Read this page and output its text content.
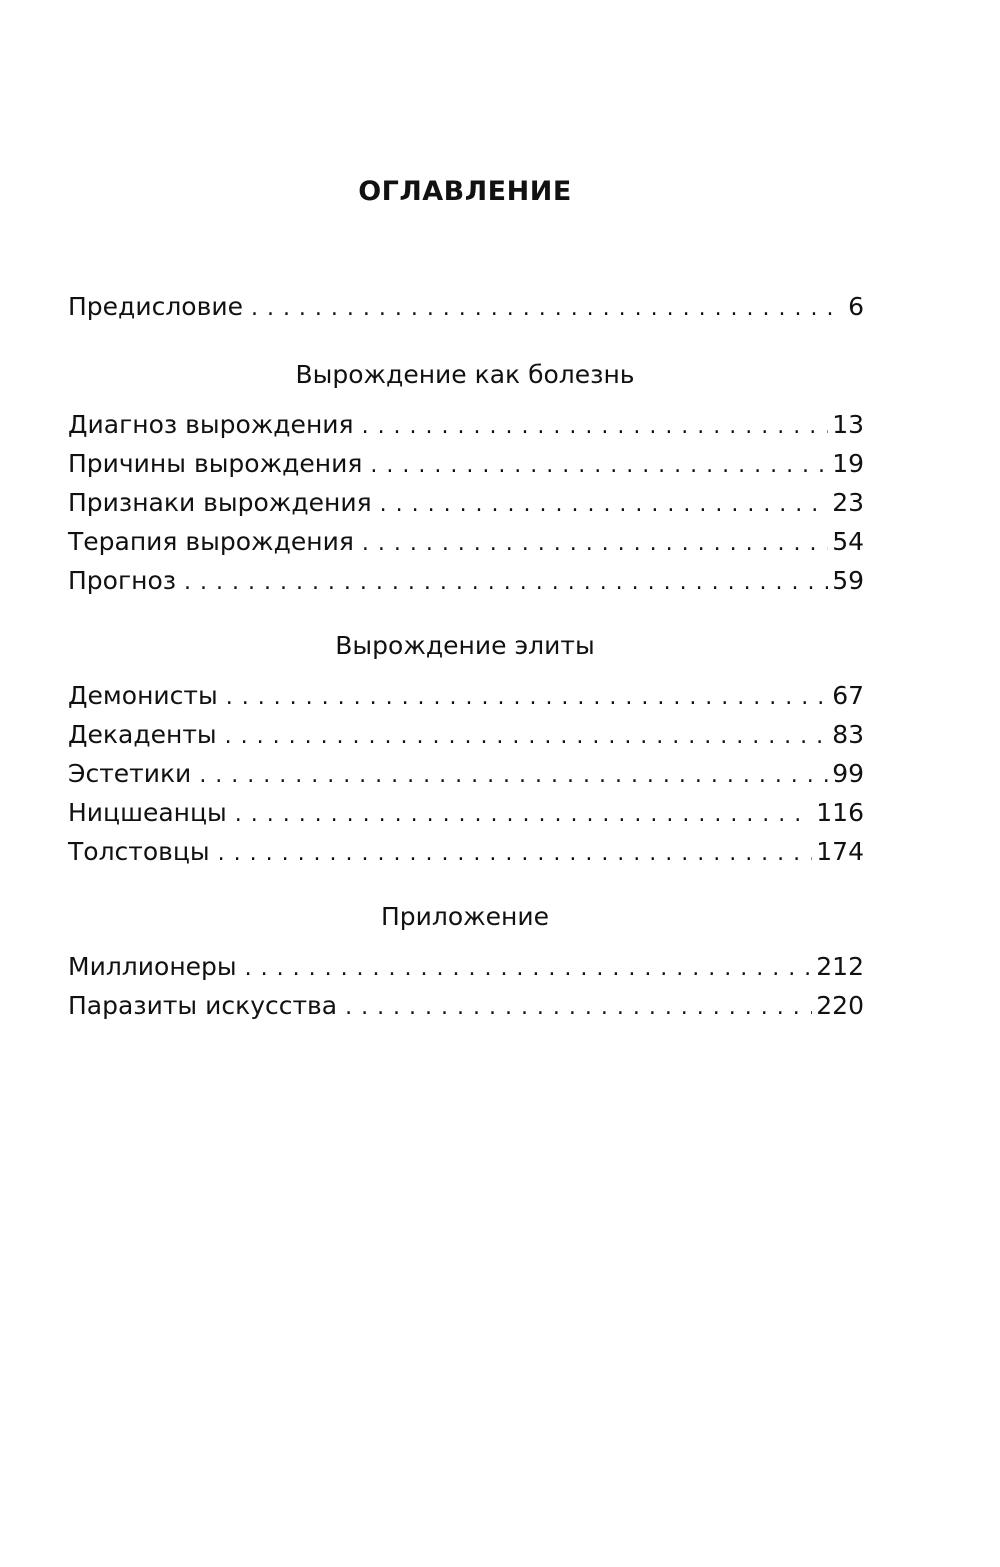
ОГЛАВЛЕНИЕ
Предисловие . . .	6
Диагноз вырождения . . .	13
Причины вырождения . . .	19
Признаки вырождения . . .	23
Терапия вырождения . . .	54
Прогноз . . .	59
Демонисты . . .	67
Декаденты . . .	83
Эстетики . . .	99
Ницшеанцы . . .	116
Толстовцы . . .	174
Миллионеры . . .	212
Паразиты искусства . . .	220
Вырождение как болезнь
Вырождение элиты
Приложение
